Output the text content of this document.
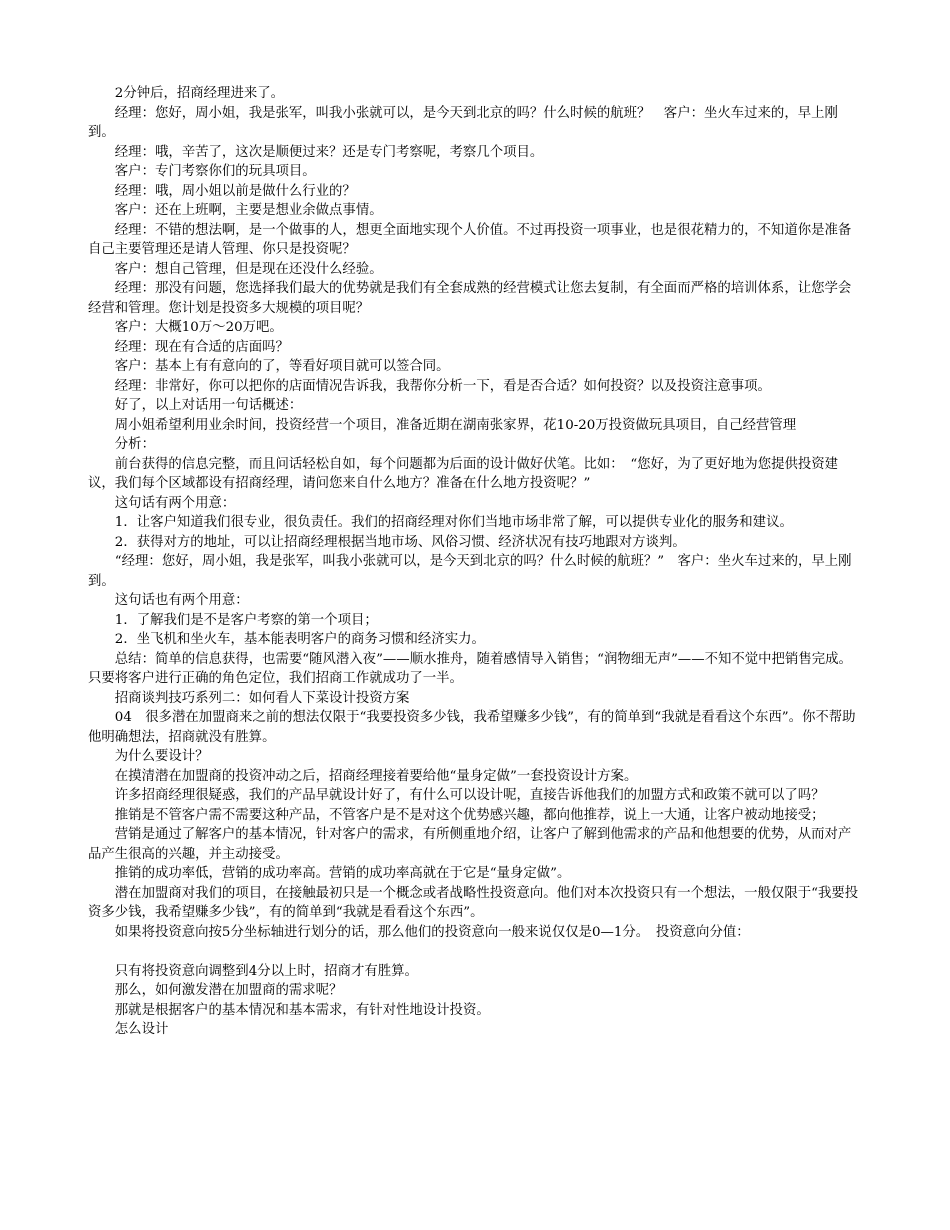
2分钟后，招商经理进来了。

经理：您好，周小姐，我是张军，叫我小张就可以，是今天到北京的吗？什么时候的航班？　客户：坐火车过来的，早上刚到。

经理：哦，辛苦了，这次是顺便过来？还是专门考察呢，考察几个项目。

客户：专门考察你们的玩具项目。

经理：哦，周小姐以前是做什么行业的？

客户：还在上班啊，主要是想业余做点事情。

经理：不错的想法啊，是一个做事的人，想更全面地实现个人价值。不过再投资一项事业，也是很花精力的，不知道你是准备自己主要管理还是请人管理、你只是投资呢？

客户：想自己管理，但是现在还没什么经验。

经理：那没有问题，您选择我们最大的优势就是我们有全套成熟的经营模式让您去复制，有全面而严格的培训体系，让您学会经营和管理。您计划是投资多大规模的项目呢？

客户：大概10万～20万吧。

经理：现在有合适的店面吗？

客户：基本上有有意向的了，等看好项目就可以签合同。

经理：非常好，你可以把你的店面情况告诉我，我帮你分析一下，看是否合适？如何投资？以及投资注意事项。

好了，以上对话用一句话概述：

周小姐希望利用业余时间，投资经营一个项目，准备近期在湖南张家界，花10-20万投资做玩具项目，自己经营管理

分析：

前台获得的信息完整，而且问话轻松自如，每个问题都为后面的设计做好伏笔。比如：　“您好，为了更好地为您提供投资建议，我们每个区域都设有招商经理，请问您来自什么地方？准备在什么地方投资呢？”

这句话有两个用意：

1．让客户知道我们很专业，很负责任。我们的招商经理对你们当地市场非常了解，可以提供专业化的服务和建议。

2．获得对方的地址，可以让招商经理根据当地市场、风俗习惯、经济状况有技巧地跟对方谈判。

“经理：您好，周小姐，我是张军，叫我小张就可以，是今天到北京的吗？什么时候的航班？”　客户：坐火车过来的，早上刚到。

这句话也有两个用意：

1．了解我们是不是客户考察的第一个项目；

2．坐飞机和坐火车，基本能表明客户的商务习惯和经济实力。

总结：简单的信息获得，也需要“随风潜入夜”——顺水推舟，随着感情导入销售；“润物细无声”——不知不觉中把销售完成。只要将客户进行正确的角色定位，我们招商工作就成功了一半。

招商谈判技巧系列二：如何看人下菜设计投资方案

04　很多潜在加盟商来之前的想法仅限于“我要投资多少钱，我希望赚多少钱”，有的简单到“我就是看看这个东西”。你不帮助他明确想法，招商就没有胜算。

为什么要设计？

在摸清潜在加盟商的投资冲动之后，招商经理接着要给他“量身定做”一套投资设计方案。

许多招商经理很疑惑，我们的产品早就设计好了，有什么可以设计呢，直接告诉他我们的加盟方式和政策不就可以了吗？

推销是不管客户需不需要这种产品，不管客户是不是对这个优势感兴趣，都向他推荐，说上一大通，让客户被动地接受；

营销是通过了解客户的基本情况，针对客户的需求，有所侧重地介绍，让客户了解到他需求的产品和他想要的优势，从而对产品产生很高的兴趣，并主动接受。

推销的成功率低，营销的成功率高。营销的成功率高就在于它是“量身定做”。

潜在加盟商对我们的项目，在接触最初只是一个概念或者战略性投资意向。他们对本次投资只有一个想法，一般仅限于“我要投资多少钱，我希望赚多少钱”，有的简单到“我就是看看这个东西”。

如果将投资意向按5分坐标轴进行划分的话，那么他们的投资意向一般来说仅仅是0—1分。　投资意向分值：

只有将投资意向调整到4分以上时，招商才有胜算。

那么，如何激发潜在加盟商的需求呢？

那就是根据客户的基本情况和基本需求，有针对性地设计投资。

怎么设计
